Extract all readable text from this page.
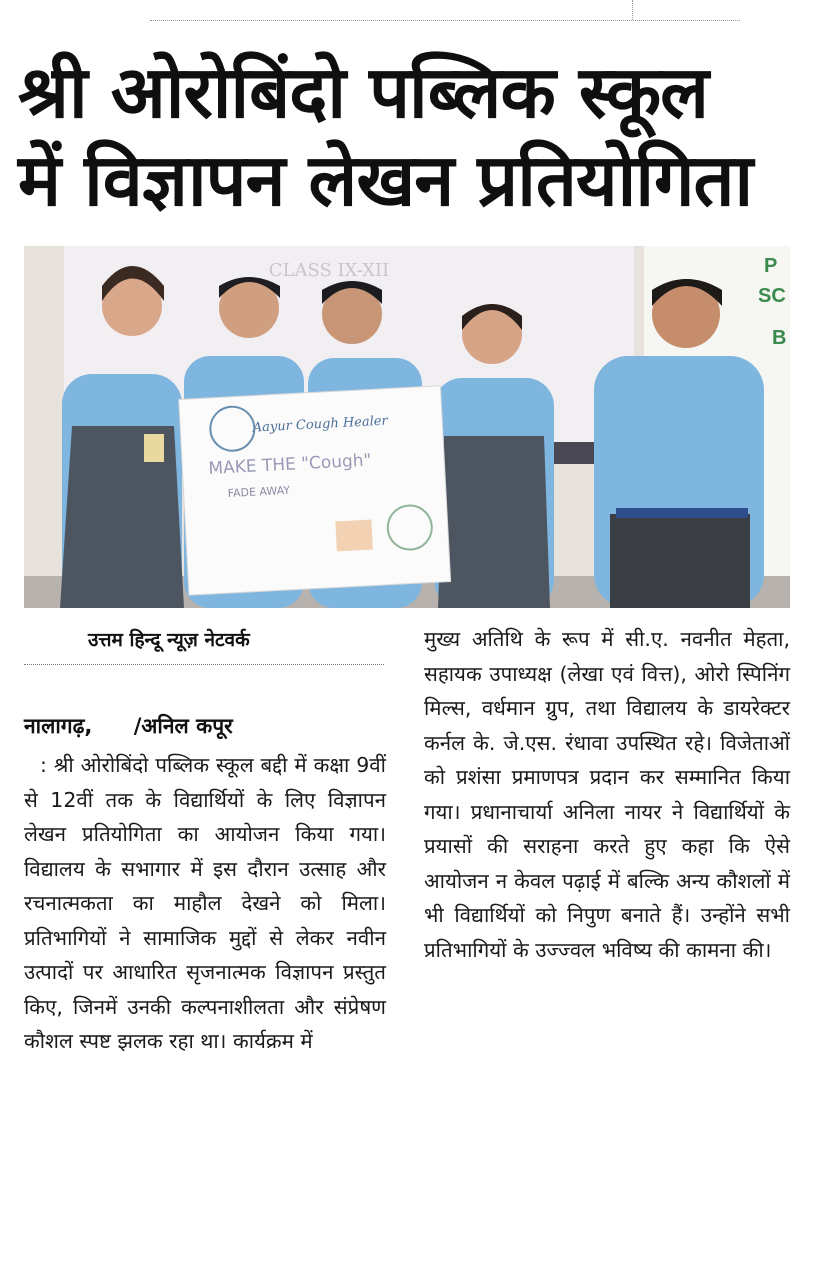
श्री ओरोबिंदो पब्लिक स्कूल
में विज्ञापन लेखन प्रतियोगिता
CLASS IX-XII	P
SC
B
Aayur Cough Healer
MAKE THE "Cough"
FADE AWAY

उत्तम हिन्दू न्यूज़ नेटवर्क

नालागढ़, /अनिल कपूर

: श्री ओरोबिंदो पब्लिक स्कूल बद्दी में कक्षा 9वीं से 12वीं तक के विद्यार्थियों के लिए विज्ञापन लेखन प्रतियोगिता का आयोजन किया गया। विद्यालय के सभागार में इस दौरान उत्साह और रचनात्मकता का माहौल देखने को मिला। प्रतिभागियों ने सामाजिक मुद्दों से लेकर नवीन उत्पादों पर आधारित सृजनात्मक विज्ञापन प्रस्तुत किए, जिनमें उनकी कल्पनाशीलता और संप्रेषण कौशल स्पष्ट झलक रहा था। कार्यक्रम में

मुख्य अतिथि के रूप में सी.ए. नवनीत मेहता, सहायक उपाध्यक्ष (लेखा एवं वित्त), ओरो स्पिनिंग मिल्स, वर्धमान ग्रुप, तथा विद्यालय के डायरेक्टर कर्नल के. जे.एस. रंधावा उपस्थित रहे। विजेताओं को प्रशंसा प्रमाणपत्र प्रदान कर सम्मानित किया गया। प्रधानाचार्या अनिला नायर ने विद्यार्थियों के प्रयासों की सराहना करते हुए कहा कि ऐसे आयोजन न केवल पढ़ाई में बल्कि अन्य कौशलों में भी विद्यार्थियों को निपुण बनाते हैं। उन्होंने सभी प्रतिभागियों के उज्ज्वल भविष्य की कामना की।
